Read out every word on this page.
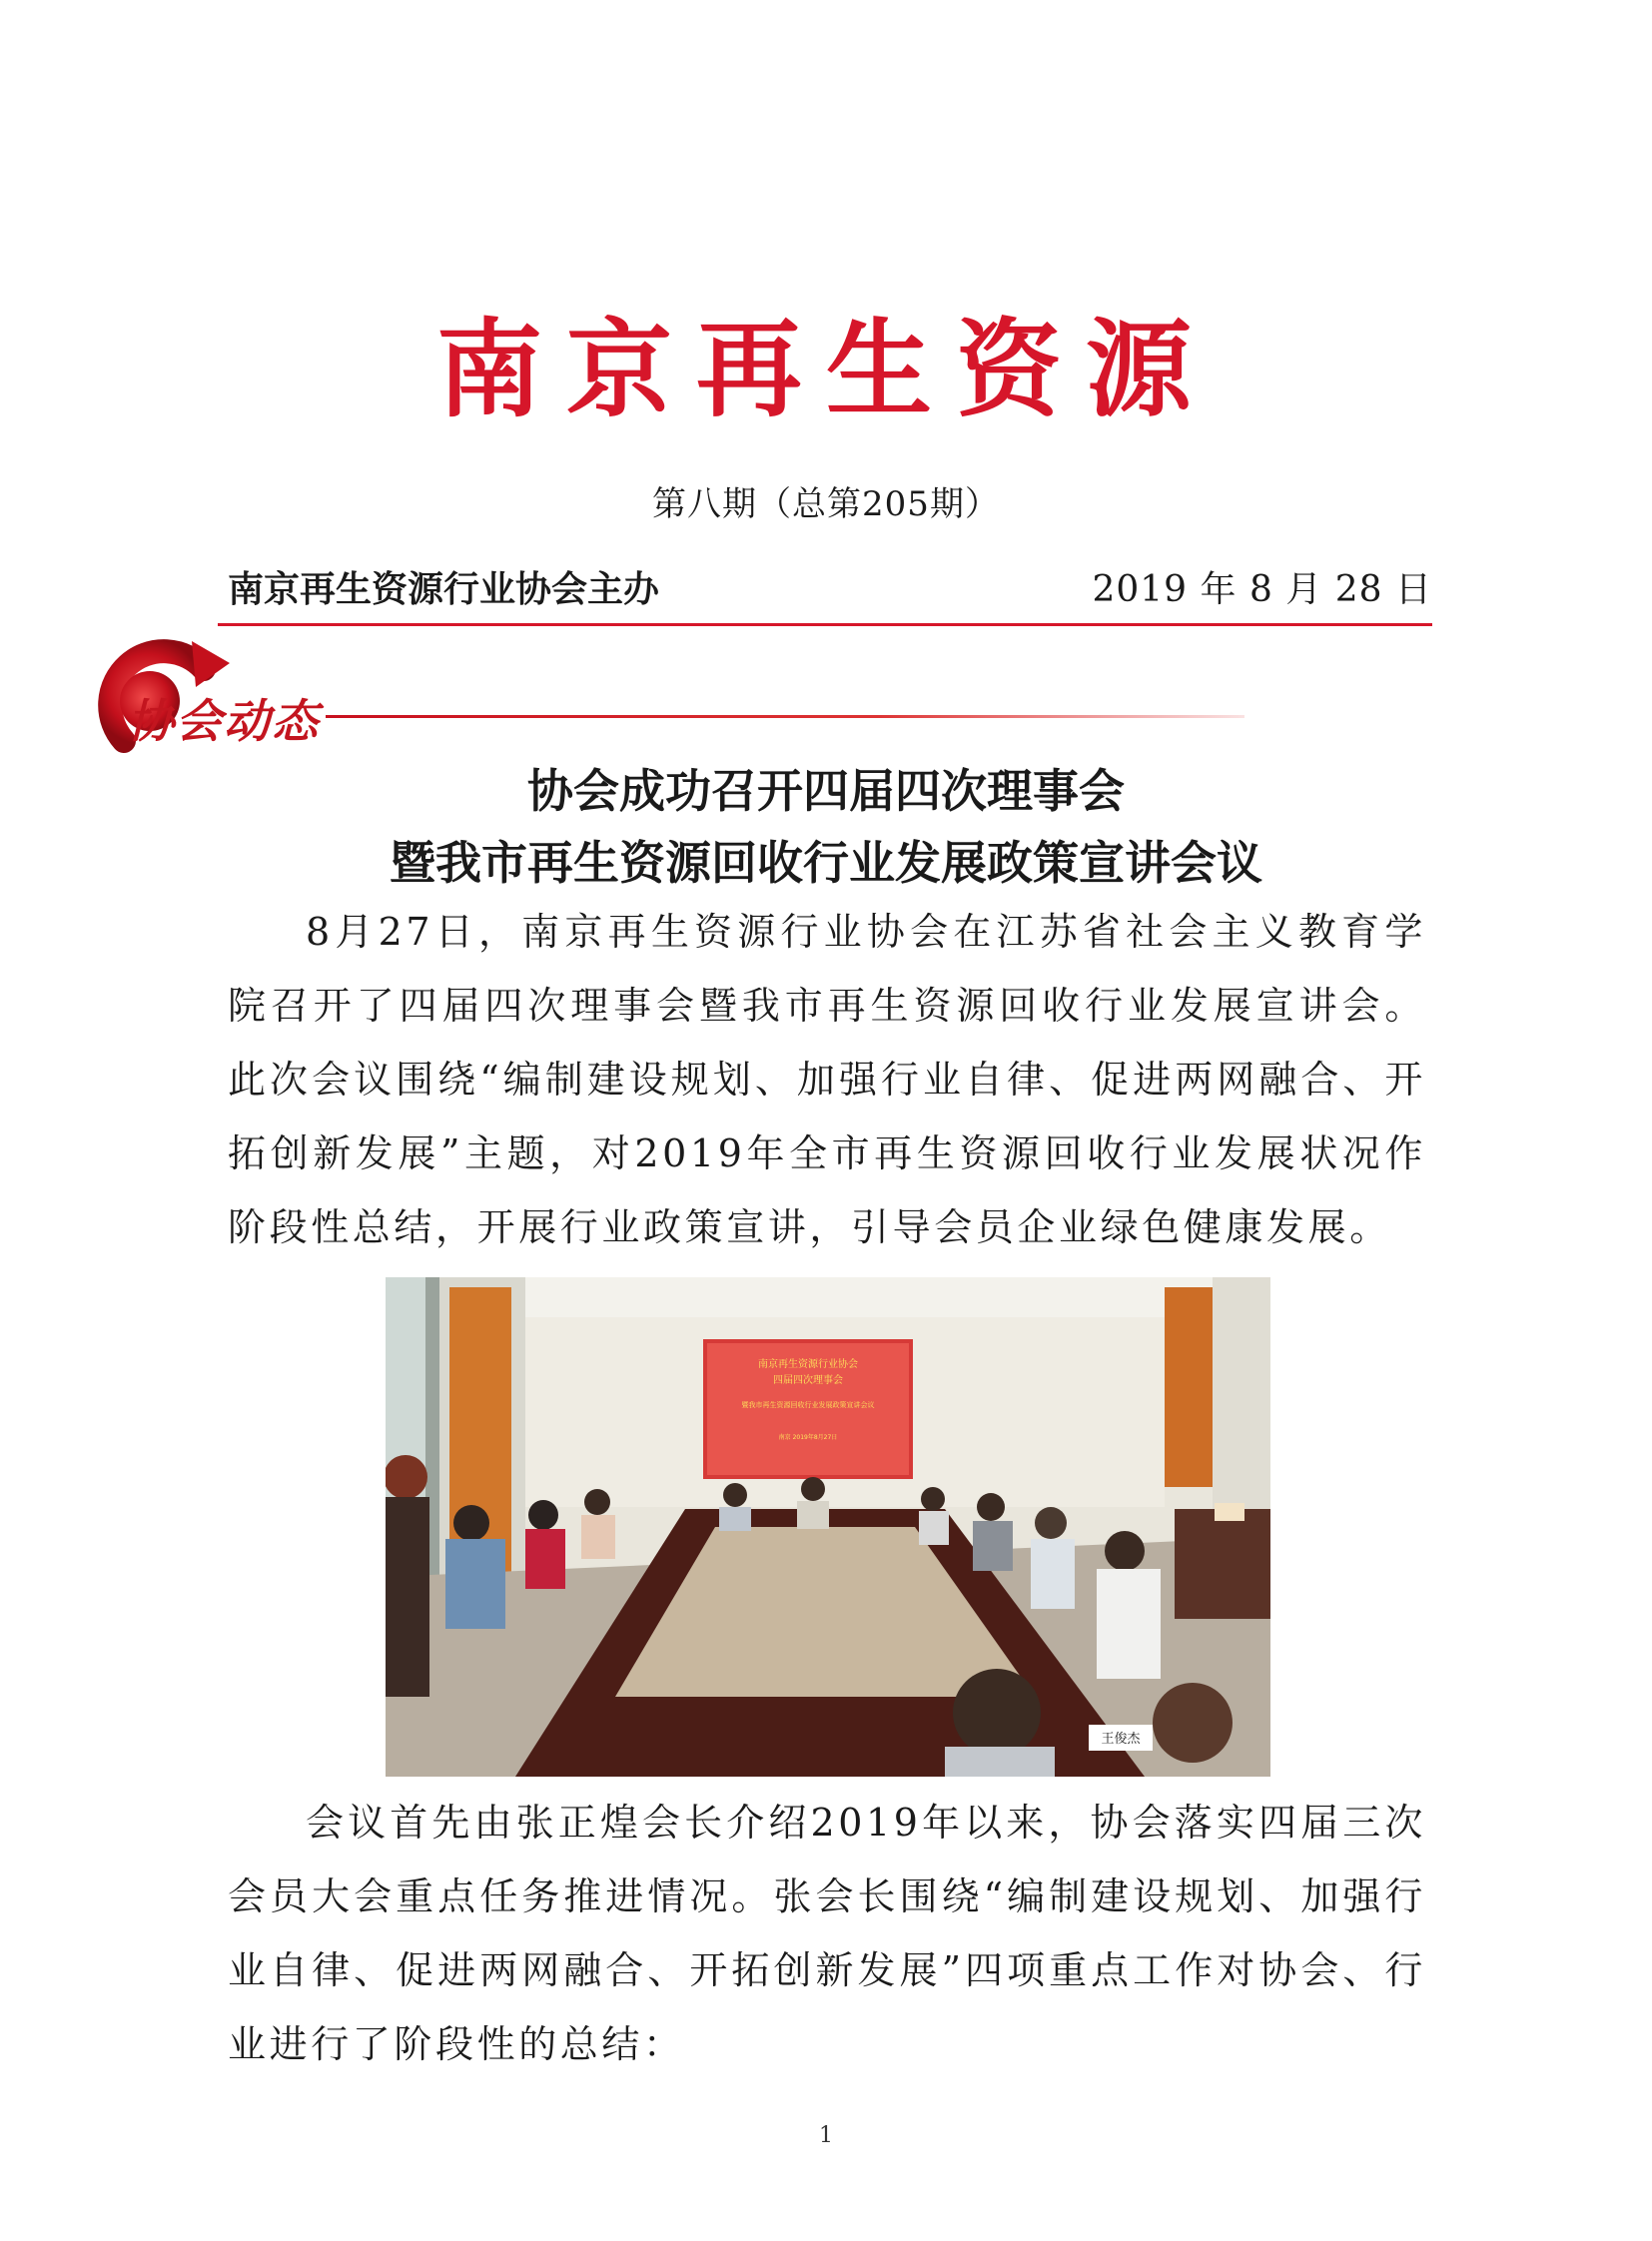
南京再生资源
第八期（总第205期）
南京再生资源行业协会主办	2019 年 8 月 28 日
协会动态
协会成功召开四届四次理事会
暨我市再生资源回收行业发展政策宣讲会议

8月27日，南京再生资源行业协会在江苏省社会主义教育学院召开了四届四次理事会暨我市再生资源回收行业发展宣讲会。此次会议围绕“编制建设规划、加强行业自律、促进两网融合、开拓创新发展”主题，对2019年全市再生资源回收行业发展状况作阶段性总结，开展行业政策宣讲，引导会员企业绿色健康发展。

南京再生资源行业协会
四届四次理事会
暨我市再生资源回收行业发展政策宣讲会议
南京 2019年8月27日
王俊杰

会议首先由张正煌会长介绍2019年以来，协会落实四届三次会员大会重点任务推进情况。张会长围绕“编制建设规划、加强行业自律、促进两网融合、开拓创新发展”四项重点工作对协会、行业进行了阶段性的总结：

1
